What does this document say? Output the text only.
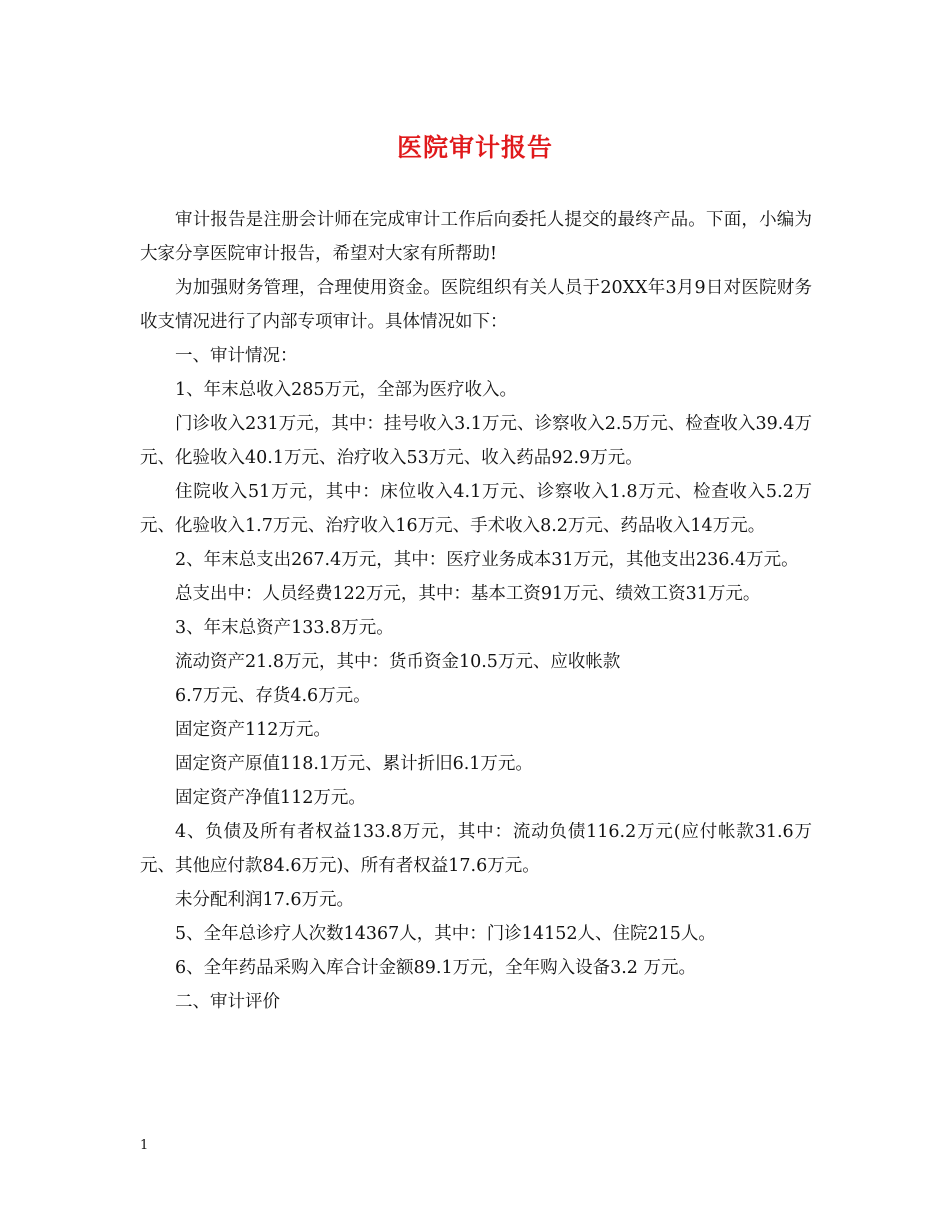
医院审计报告

审计报告是注册会计师在完成审计工作后向委托人提交的最终产品。下面，小编为大家分享医院审计报告，希望对大家有所帮助!

为加强财务管理，合理使用资金。医院组织有关人员于20XX年3月9日对医院财务收支情况进行了内部专项审计。具体情况如下：

一、审计情况：

1、年末总收入285万元，全部为医疗收入。

门诊收入231万元，其中：挂号收入3.1万元、诊察收入2.5万元、检查收入39.4万元、化验收入40.1万元、治疗收入53万元、收入药品92.9万元。

住院收入51万元，其中：床位收入4.1万元、诊察收入1.8万元、检查收入5.2万元、化验收入1.7万元、治疗收入16万元、手术收入8.2万元、药品收入14万元。

2、年末总支出267.4万元，其中：医疗业务成本31万元，其他支出236.4万元。

总支出中：人员经费122万元，其中：基本工资91万元、绩效工资31万元。

3、年末总资产133.8万元。

流动资产21.8万元，其中：货币资金10.5万元、应收帐款

6.7万元、存货4.6万元。

固定资产112万元。

固定资产原值118.1万元、累计折旧6.1万元。

固定资产净值112万元。

4、负债及所有者权益133.8万元，其中：流动负债116.2万元(应付帐款31.6万元、其他应付款84.6万元)、所有者权益17.6万元。

未分配利润17.6万元。

5、全年总诊疗人次数14367人，其中：门诊14152人、住院215人。

6、全年药品采购入库合计金额89.1万元，全年购入设备3.2 万元。

二、审计评价

1
